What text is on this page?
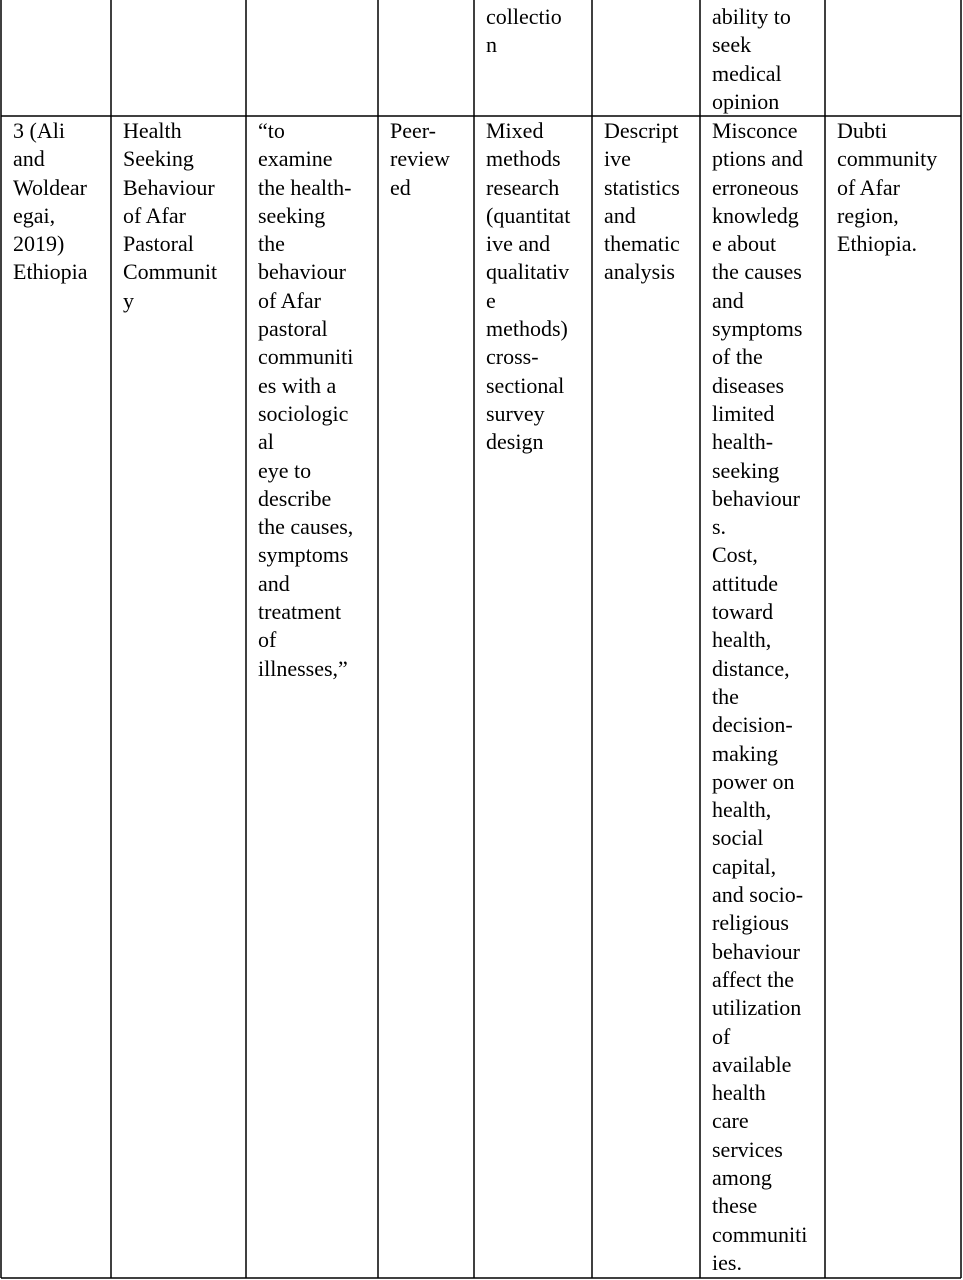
collectio
n
ability to
seek
medical
opinion
3 (Ali
and
Woldear
egai,
2019)
Ethiopia
Health
Seeking
Behaviour
of Afar
Pastoral
Communit
y
“to
examine
the health-
seeking
the
behaviour
of Afar
pastoral
communiti
es with a
sociologic
al
eye to
describe
the causes,
symptoms
and
treatment
of
illnesses,”
Peer-
review
ed
Mixed
methods
research
(quantitat
ive and
qualitativ
e
methods)
cross-
sectional
survey
design
Descript
ive
statistics
and
thematic
analysis
Misconce
ptions and
erroneous
knowledg
e about
the causes
and
symptoms
of the
diseases
limited
health-
seeking
behaviour
s.
Cost,
attitude
toward
health,
distance,
the
decision-
making
power on
health,
social
capital,
and socio-
religious
behaviour
affect the
utilization
of
available
health
care
services
among
these
communiti
ies.
Dubti
community
of Afar
region,
Ethiopia.
